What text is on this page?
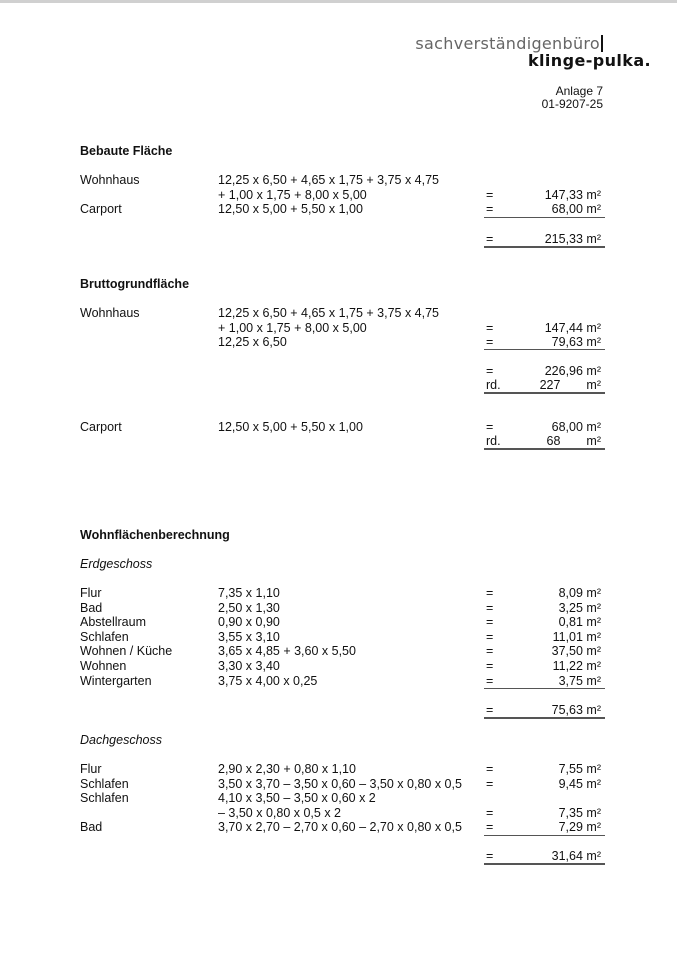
sachverständigenbüro
klinge-pulka.
Anlage 7
01-9207-25
Bebaute Fläche
Wohnhaus	12,25 x 6,50 + 4,65 x 1,75 + 3,75 x 4,75
+ 1,00 x 1,75 + 8,00 x 5,00	=	147,33 m²
Carport	12,50 x 5,00 + 5,50 x 1,00	=	68,00 m²
=	215,33 m²
Bruttogrundfläche
Wohnhaus	12,25 x 6,50 + 4,65 x 1,75 + 3,75 x 4,75
+ 1,00 x 1,75 + 8,00 x 5,00	=	147,44 m²
12,25 x 6,50	=	79,63 m²
=	226,96 m²
rd.	227 m²
Carport	12,50 x 5,00 + 5,50 x 1,00	=	68,00 m²
rd.	68 m²
Wohnflächenberechnung
Erdgeschoss
Flur	7,35 x 1,10	=	8,09 m²
Bad	2,50 x 1,30	=	3,25 m²
Abstellraum	0,90 x 0,90	=	0,81 m²
Schlafen	3,55 x 3,10	=	11,01 m²
Wohnen / Küche	3,65 x 4,85 + 3,60 x 5,50	=	37,50 m²
Wohnen	3,30 x 3,40	=	11,22 m²
Wintergarten	3,75 x 4,00 x 0,25	=	3,75 m²
=	75,63 m²
Dachgeschoss
Flur	2,90 x 2,30 + 0,80 x 1,10	=	7,55 m²
Schlafen	3,50 x 3,70 – 3,50 x 0,60 – 3,50 x 0,80 x 0,5 =	9,45 m²
Schlafen	4,10 x 3,50 – 3,50 x 0,60 x 2
– 3,50 x 0,80 x 0,5 x 2	=	7,35 m²
Bad	3,70 x 2,70 – 2,70 x 0,60 – 2,70 x 0,80 x 0,5 =	7,29 m²
=	31,64 m²
